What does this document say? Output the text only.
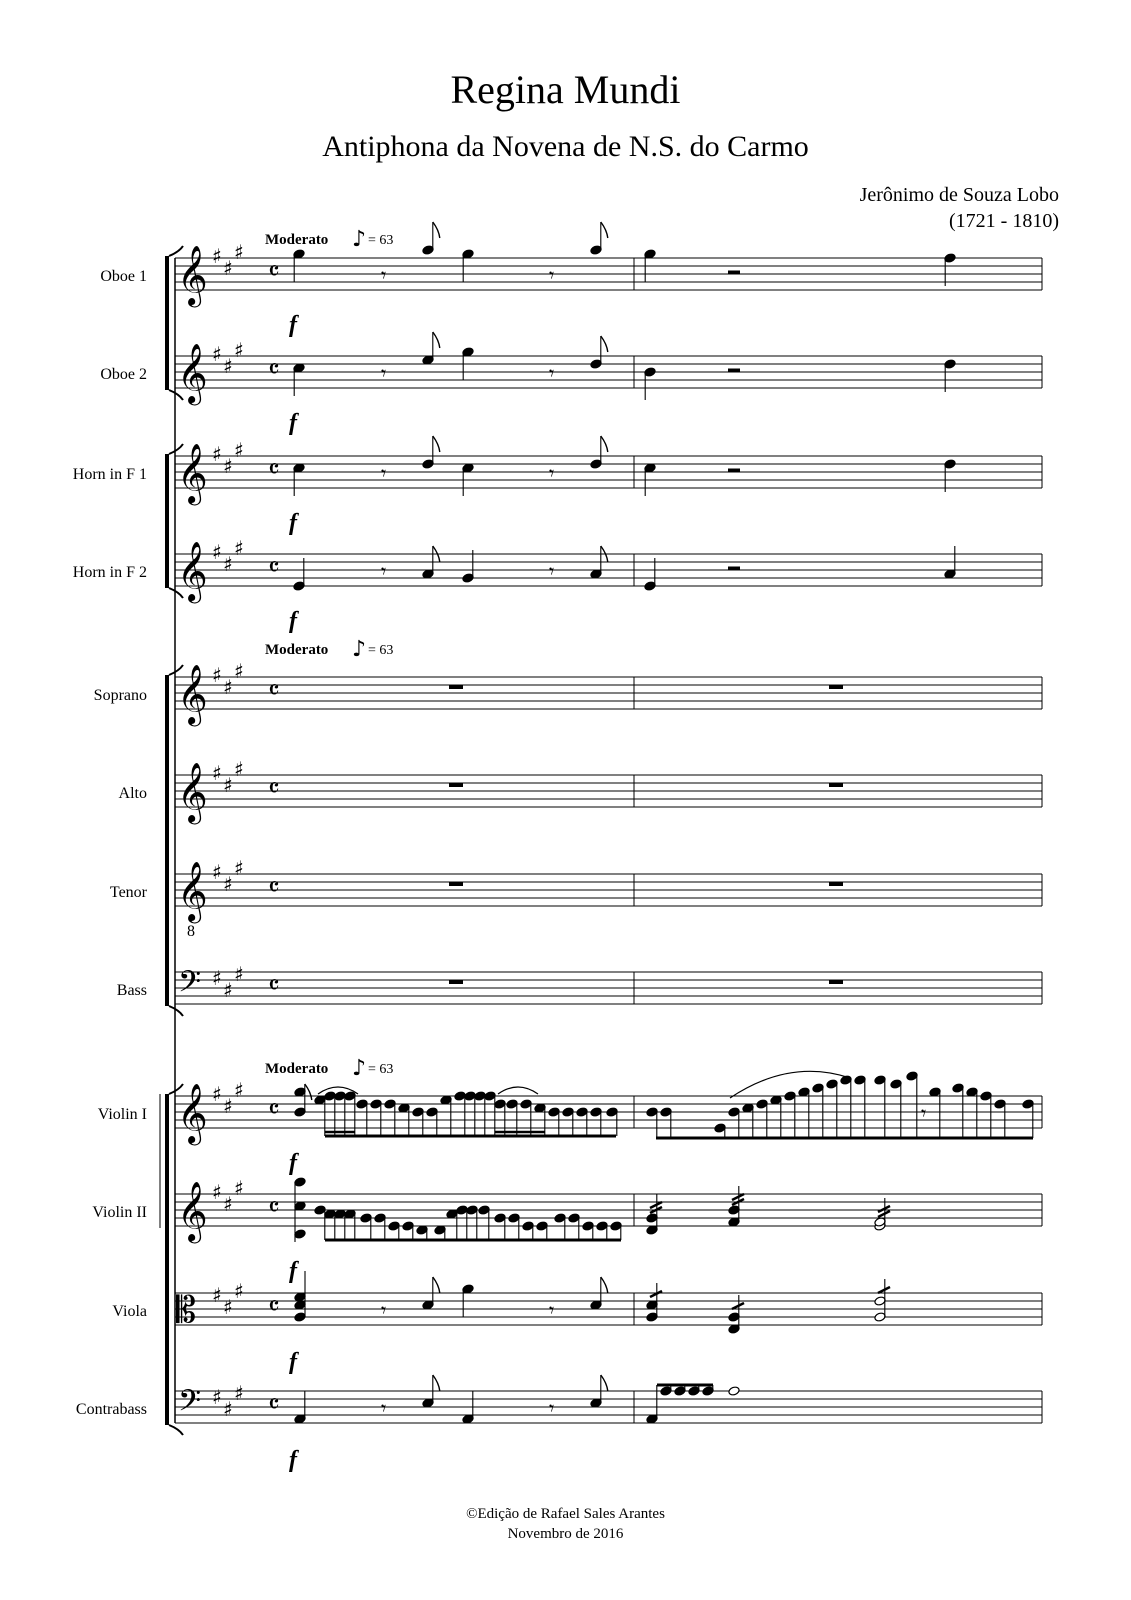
Regina Mundi
Antiphona da Novena de N.S. do Carmo
Jerônimo de Souza Lobo
(1721 - 1810)
Moderato ♪ = 63
Moderato ♪ = 63
Moderato ♪ = 63
Oboe 1 𝄞 ♯ ♯
♯
𝄴
Oboe 2 𝄞 ♯ ♯
♯
𝄴
Horn in F 1 𝄞 ♯ ♯
♯
𝄴
Horn in F 2 𝄞 ♯ ♯
♯
𝄴
Soprano 𝄞 ♯ ♯
♯
𝄴
Alto 𝄞 ♯ ♯
♯
𝄴
Tenor 𝄞
8
♯ ♯
♯
𝄴
Bass 𝄢 ♯ ♯
♯ 𝄴
Violin I 𝄞 ♯ ♯
♯
𝄴
Violin II 𝄞 ♯ ♯
♯
𝄴
Viola 𝄡 ♯ ♯
♯
𝄴
Contrabass 𝄢 ♯ ♯
♯ 𝄴
𝄾	𝄾
𝄾	𝄾
𝄾	𝄾
𝄾	𝄾
f
f
f
f
𝄾
f
f
𝄾	𝄾
f
𝄾	𝄾
f
©Edição de Rafael Sales Arantes
Novembro de 2016
